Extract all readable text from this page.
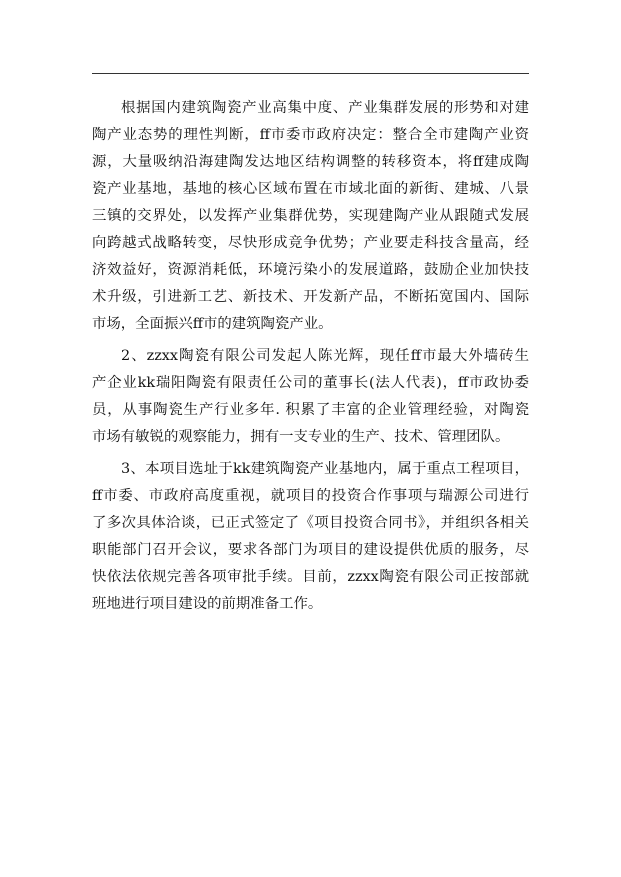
根据国内建筑陶瓷产业高集中度、产业集群发展的形势和对建
陶产业态势的理性判断，ff市委市政府决定：整合全市建陶产业资
源，大量吸纳沿海建陶发达地区结构调整的转移资本，将ff建成陶
瓷产业基地，基地的核心区域布置在市域北面的新街、建城、八景
三镇的交界处，以发挥产业集群优势，实现建陶产业从跟随式发展
向跨越式战略转变，尽快形成竞争优势；产业要走科技含量高，经
济效益好，资源消耗低，环境污染小的发展道路，鼓励企业加快技
术升级，引进新工艺、新技术、开发新产品，不断拓宽国内、国际
市场，全面振兴ff市的建筑陶瓷产业。
2、zzxx陶瓷有限公司发起人陈光辉，现任ff市最大外墙砖生
产企业kk瑞阳陶瓷有限责任公司的董事长(法人代表)，ff市政协委
员，从事陶瓷生产行业多年. 积累了丰富的企业管理经验，对陶瓷
市场有敏锐的观察能力，拥有一支专业的生产、技术、管理团队。
3、本项目选址于kk建筑陶瓷产业基地内，属于重点工程项目，
ff市委、市政府高度重视，就项目的投资合作事项与瑞源公司进行
了多次具体洽谈，已正式签定了《项目投资合同书》，并组织各相关
职能部门召开会议，要求各部门为项目的建设提供优质的服务，尽
快依法依规完善各项审批手续。目前，zzxx陶瓷有限公司正按部就
班地进行项目建设的前期准备工作。
